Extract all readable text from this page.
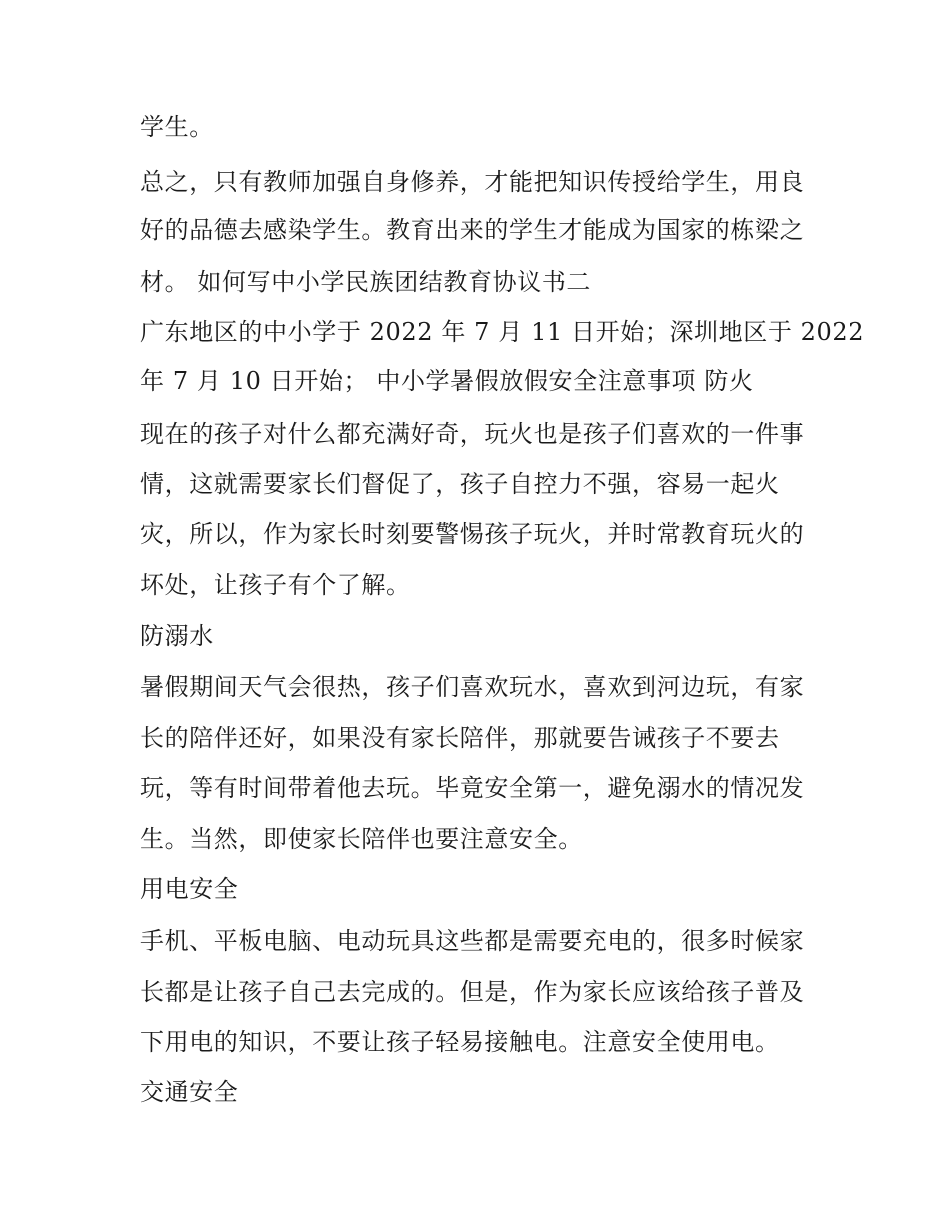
学生。

总之，只有教师加强自身修养，才能把知识传授给学生，用良

好的品德去感染学生。教育出来的学生才能成为国家的栋梁之

材。 如何写中小学民族团结教育协议书二

广东地区的中小学于 2022 年 7 月 11 日开始；深圳地区于 2022

年 7 月 10 日开始； 中小学暑假放假安全注意事项 防火

现在的孩子对什么都充满好奇，玩火也是孩子们喜欢的一件事

情，这就需要家长们督促了，孩子自控力不强，容易一起火

灾，所以，作为家长时刻要警惕孩子玩火，并时常教育玩火的

坏处，让孩子有个了解。

防溺水

暑假期间天气会很热，孩子们喜欢玩水，喜欢到河边玩，有家

长的陪伴还好，如果没有家长陪伴，那就要告诫孩子不要去

玩，等有时间带着他去玩。毕竟安全第一，避免溺水的情况发

生。当然，即使家长陪伴也要注意安全。

用电安全

手机、平板电脑、电动玩具这些都是需要充电的，很多时候家

长都是让孩子自己去完成的。但是，作为家长应该给孩子普及

下用电的知识，不要让孩子轻易接触电。注意安全使用电。

交通安全
